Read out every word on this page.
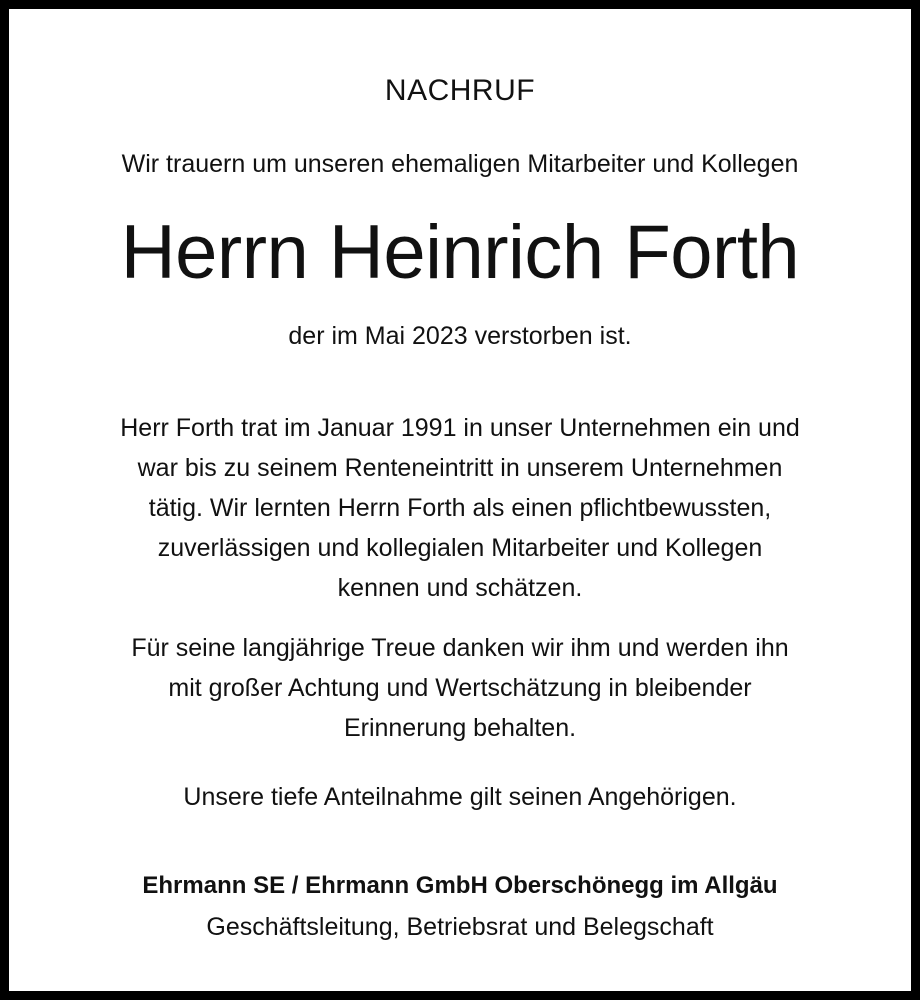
NACHRUF

Wir trauern um unseren ehemaligen Mitarbeiter und Kollegen

Herrn Heinrich Forth

der im Mai 2023 verstorben ist.

Herr Forth trat im Januar 1991 in unser Unternehmen ein und
war bis zu seinem Renteneintritt in unserem Unternehmen
tätig. Wir lernten Herrn Forth als einen pflichtbewussten,
zuverlässigen und kollegialen Mitarbeiter und Kollegen
kennen und schätzen.
Für seine langjährige Treue danken wir ihm und werden ihn
mit großer Achtung und Wertschätzung in bleibender
Erinnerung behalten.
Unsere tiefe Anteilnahme gilt seinen Angehörigen.

Ehrmann SE / Ehrmann GmbH Oberschönegg im Allgäu

Geschäftsleitung, Betriebsrat und Belegschaft
